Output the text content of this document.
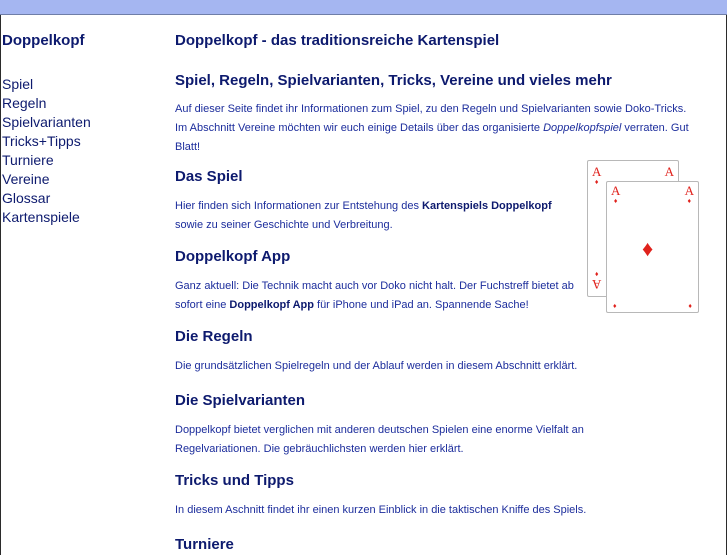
Doppelkopf
Spiel
Regeln
Spielvarianten
Tricks+Tipps
Turniere
Vereine
Glossar
Kartenspiele
Doppelkopf - das traditionsreiche Kartenspiel
Spiel, Regeln, Spielvarianten, Tricks, Vereine und vieles mehr

Auf dieser Seite findet ihr Informationen zum Spiel, zu den Regeln und Spielvarianten sowie Doko-Tricks. Im Abschnitt Vereine möchten wir euch einige Details über das organisierte Doppelkopfspiel verraten. Gut Blatt!

Das Spiel

Hier finden sich Informationen zur Entstehung des Kartenspiels Doppelkopf sowie zu seiner Geschichte und Verbreitung.

Doppelkopf App

Ganz aktuell: Die Technik macht auch vor Doko nicht halt. Der Fuchstreff bietet ab sofort eine Doppelkopf App für iPhone und iPad an. Spannende Sache!

Die Regeln

Die grundsätzlichen Spielregeln und der Ablauf werden in diesem Abschnitt erklärt.

Die Spielvarianten

Doppelkopf bietet verglichen mit anderen deutschen Spielen eine enorme Vielfalt an Regelvariationen. Die gebräuchlichsten werden hier erklärt.

Tricks und Tipps

In diesem Aschnitt findet ihr einen kurzen Einblick in die taktischen Kniffe des Spiels.

Turniere
A
♦
A
A
♦
A
♦
A
♦
♦
♦	♦
